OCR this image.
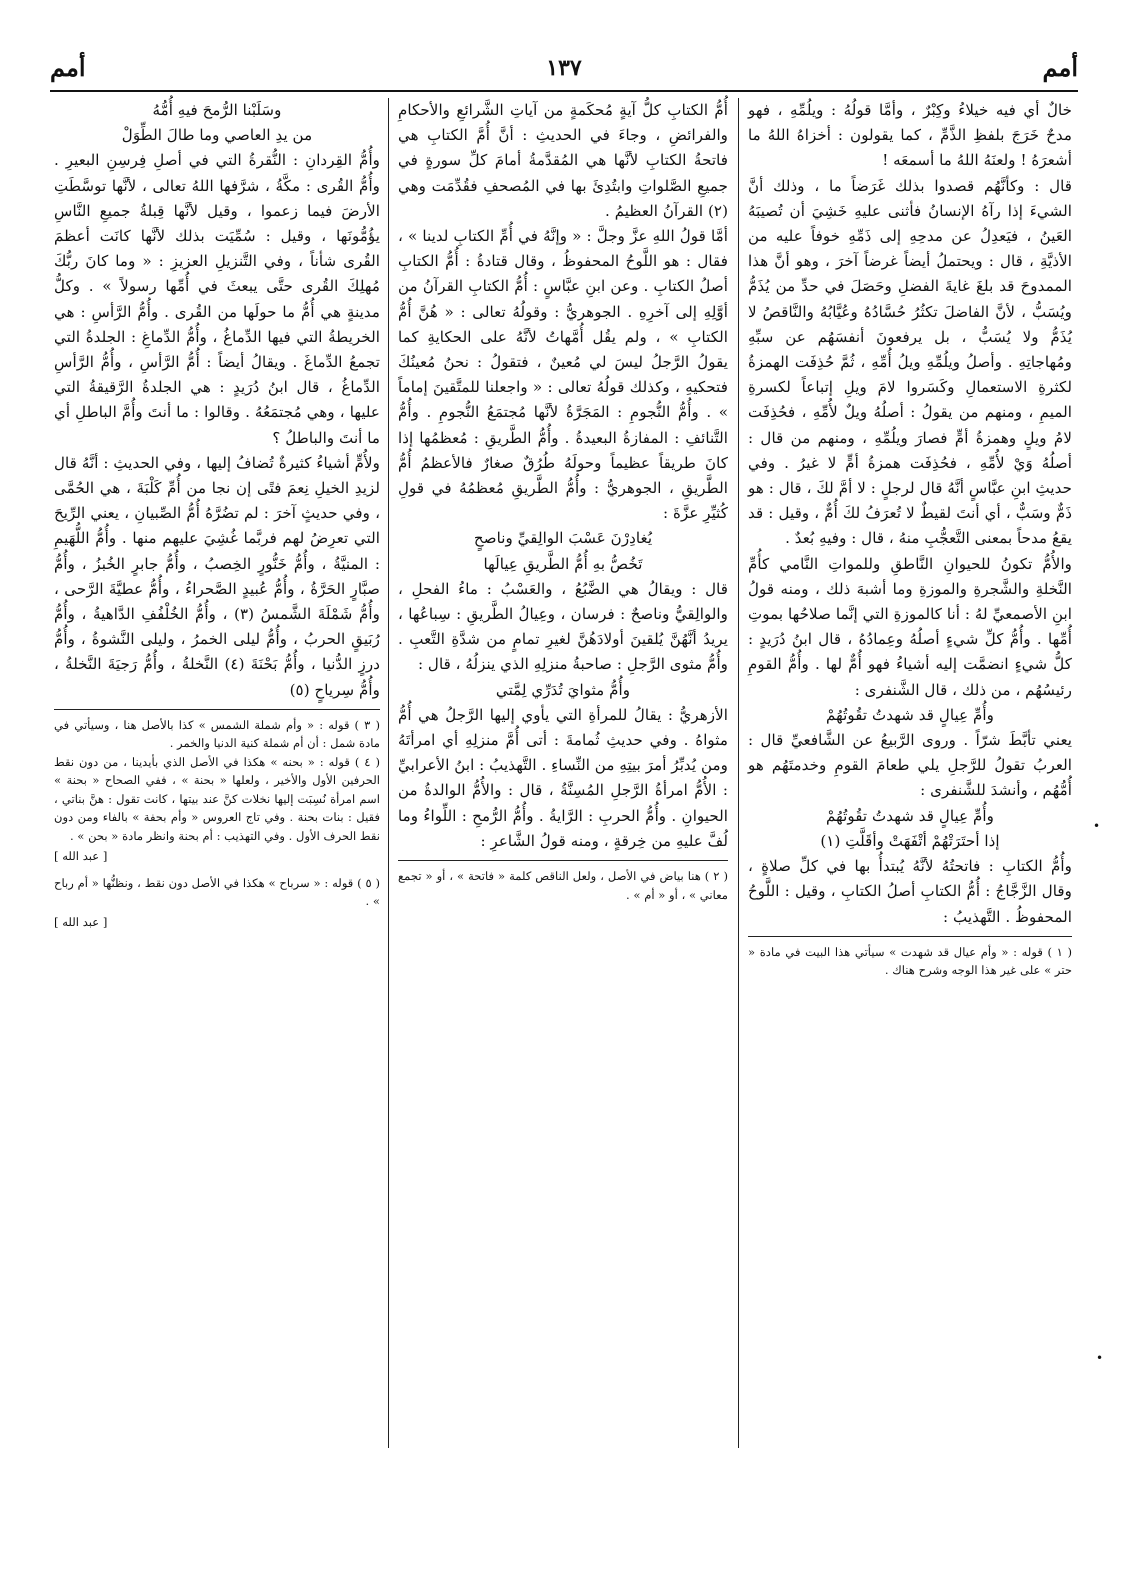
أمم
١٣٧
أمم

خالٌ أي فيه خيلاءُ وكِبْرٌ ، وأمَّا قولُهُ : ويلُمِّهِ ، فهو مدحٌ خَرَجَ بلفظِ الذَّمِّ ، كما يقولون : أخزاهُ اللهُ ما أشعرَهُ ! ولعنَهُ اللهُ ما أسمعَه !

قال : وكأنَّهُم قصدوا بذلك غَرَضاً ما ، وذلك أنَّ الشيءَ إذا رآهُ الإنسانُ فأثنى عليهِ خَشِيَ أن تُصيبَهُ العَينُ ، فيَعدِلُ عن مدحِهِ إلى ذَمِّهِ خوفاً عليه من الأذيَّةِ ، قال : ويحتملُ أيضاً غرضاً آخرَ ، وهو أنَّ هذا الممدوحَ قد بلغَ غايةَ الفضلِ وحَصَلَ في حدِّ من يُذَمُّ ويُسَبُّ ، لأنَّ الفاضلَ تكثُرُ حُسَّادُهُ وعُيَّابُهُ والنَّاقصُ لا يُذَمُّ ولا يُسَبُّ ، بل يرفعونَ أنفسَهُم عن سبِّهِ ومُهاجاتِهِ . وأصلُ ويلُمِّهِ ويلُ أُمِّهِ ، ثُمَّ حُذِفَت الهمزةُ لكثرةِ الاستعمالِ وكَسَروا لامَ ويلِ إتباعاً لكسرةِ الميمِ ، ومنهم من يقولُ : أصلُهُ ويلٌ لأُمِّهِ ، فحُذِفَت لامُ ويلٍ وهمزةُ أمٍّ فصارَ ويلُمِّهِ ، ومنهم من قال : أصلُهُ وَيْ لأُمِّهِ ، فحُذِفَت همزةُ أمٍّ لا غيرُ . وفي حديثِ ابنِ عبَّاسٍ أنَّهُ قال لرجلٍ : لا أمَّ لكَ ، قال : هو ذَمٌّ وسَبٌّ ، أي أنتَ لقيطٌ لا تُعرَفُ لكَ أُمٌّ ، وقيل : قد يقعُ مدحاً بمعنى التَّعجُّبِ منهُ ، قال : وفيهِ بُعدٌ .

والأُمُّ تكونُ للحيوانِ النَّاطقِ وللمواتِ النَّامي كأُمِّ النَّخلةِ والشَّجرةِ والموزةِ وما أشبهَ ذلك ، ومنه قولُ ابنِ الأصمعيِّ لهُ : أنا كالموزةِ التي إنَّما صلاحُها بموتِ أُمِّها . وأُمُّ كلِّ شيءٍ أصلُهُ وعِمادُهُ ، قال ابنُ دُرَيدٍ : كلُّ شيءٍ انضمَّت إليه أشياءُ فهو أُمٌّ لها . وأُمُّ القومِ رئيسُهُم ، من ذلك ، قال الشَّنفرى :

وأُمِّ عِيالٍ قد شهدتُ تقُوتُهُمْ

يعني تأبَّطَ شرّاً . وروى الرَّبيعُ عن الشَّافعيِّ قال : العربُ تقولُ للرَّجلِ يلي طعامَ القومِ وخدمتَهُم هو أُمُّهُم ، وأنشدَ للشَّنفرى :

وأُمِّ عِيالٍ قد شهدتُ تقُوتُهُمْ

إذا أحتَرَتْهُمْ أتْفَهَتْ وأقَلَّتِ (١)

وأُمُّ الكتابِ : فاتحتُهُ لأنَّهُ يُبتدأُ بها في كلِّ صلاةٍ ، وقال الزَّجَّاجُ : أُمُّ الكتابِ أصلُ الكتابِ ، وقيل : اللَّوحُ المحفوظُ . التَّهذيبُ :

( ١ ) قوله : « وأم عيال قد شهدت » سيأتي هذا البيت في مادة « حتر » على غير هذا الوجه وشرح هناك .

أُمُّ الكتابِ كلُّ آيةٍ مُحكَمةٍ من آياتِ الشَّرائعِ والأحكامِ والفرائضِ ، وجاءَ في الحديثِ : أنَّ أُمَّ الكتابِ هي فاتحةُ الكتابِ لأنَّها هي المُقدَّمةُ أمامَ كلِّ سورةٍ في جميعِ الصَّلواتِ وابتُدِئَ بها في المُصحفِ فقُدِّمَت وهي (٢) القرآنُ العظيمُ .

أمَّا قولُ اللهِ عزَّ وجلَّ : « وإنَّهُ في أُمِّ الكتابِ لدينا » ، فقال : هو اللَّوحُ المحفوظُ ، وقال قتادةُ : أُمُّ الكتابِ أصلُ الكتابِ . وعن ابنِ عبَّاسٍ : أُمُّ الكتابِ القرآنُ من أوَّلِهِ إلى آخرِهِ . الجوهريُّ : وقولُهُ تعالى : « هُنَّ أُمُّ الكتابِ » ، ولم يقُل أُمَّهاتُ لأنَّهُ على الحكايةِ كما يقولُ الرَّجلُ ليسَ لي مُعينٌ ، فتقولُ : نحنُ مُعينُكَ فتحكيهِ ، وكذلك قولُهُ تعالى : « واجعلنا للمتَّقينَ إماماً » . وأُمُّ النُّجومِ : المَجَرَّةُ لأنَّها مُجتمَعُ النُّجومِ . وأُمُّ التَّنائفِ : المفازةُ البعيدةُ . وأُمُّ الطَّريقِ : مُعظمُها إذا كانَ طريقاً عظيماً وحولَهُ طُرُقٌ صغارٌ فالأعظمُ أُمُّ الطَّريقِ ، الجوهريُّ : وأُمُّ الطَّريقِ مُعظمُهُ في قولِ كُثيِّرِ عزَّةَ :

يُغادِرْنَ عَسْبَ الوالِقيِّ وناصحٍ

تَخُصُّ بهِ أُمُّ الطَّريقِ عِيالَها

قال : ويقالُ هي الضَّبُعُ ، والعَسْبُ : ماءُ الفحلِ ، والوالِقيُّ وناصحٌ : فرسان ، وعِيالُ الطَّريقِ : سِباعُها ، يريدُ أنَّهُنَّ يُلقينَ أولادَهُنَّ لغيرِ تمامٍ من شدَّةِ التَّعبِ . وأُمُّ مثوى الرَّجلِ : صاحبةُ منزلِهِ الذي ينزلُهُ ، قال :

وأُمُّ مثوايَ تُدَرِّي لِمَّتي

الأزهريُّ : يقالُ للمرأةِ التي يأوي إليها الرَّجلُ هي أُمُّ مثواهُ . وفي حديثِ ثُمامةَ : أتى أُمَّ منزلِهِ أي امرأتَهُ ومن يُدبِّرُ أمرَ بيتِهِ من النِّساءِ . التَّهذيبُ : ابنُ الأعرابيِّ : الأُمُّ امرأةُ الرَّجلِ المُسِنَّةُ ، قال : والأُمُّ الوالدةُ من الحيوانِ . وأُمُّ الحربِ : الرَّايةُ . وأُمُّ الرُّمحِ : اللِّواءُ وما لُفَّ عليهِ من خِرقةٍ ، ومنه قولُ الشَّاعرِ :

( ٢ ) هنا بياض في الأصل ، ولعل الناقص كلمة « فاتحة » ، أو « تجمع معاني » ، أو « أم » .

وسَلَبْنا الرُّمحَ فيهِ أُمُّهُ

من يدِ العاصي وما طالَ الطِّوَلْ

وأُمُّ القِردانِ : النُّقرةُ التي في أصلِ فِرسِنِ البعيرِ . وأُمُّ القُرى : مكَّةُ ، شرَّفها اللهُ تعالى ، لأنَّها توسَّطَتِ الأرضَ فيما زعموا ، وقيل لأنَّها قِبلةُ جميعِ النَّاسِ يؤُمُّونَها ، وقيل : سُمِّيَت بذلك لأنَّها كانَت أعظمَ القُرى شأناً ، وفي التَّنزيلِ العزيزِ : « وما كانَ ربُّكَ مُهلِكَ القُرى حتَّى يبعثَ في أُمِّها رسولاً » . وكلُّ مدينةٍ هي أُمُّ ما حولَها من القُرى . وأُمُّ الرَّأسِ : هي الخريطةُ التي فيها الدِّماغُ ، وأُمُّ الدِّماغِ : الجلدةُ التي تجمعُ الدِّماغَ . ويقالُ أيضاً : أُمُّ الرَّأسِ ، وأُمُّ الرَّأسِ الدِّماغُ ، قال ابنُ دُرَيدٍ : هي الجلدةُ الرَّقيقةُ التي عليها ، وهي مُجتمَعُهُ . وقالوا : ما أنتَ وأُمَّ الباطلِ أي ما أنتَ والباطلُ ؟

ولأُمٍّ أشياءُ كثيرةٌ تُضافُ إليها ، وفي الحديثِ : أنَّهُ قال لزيدِ الخيلِ نِعمَ فتًى إن نجا من أُمِّ كَلْبَةَ ، هي الحُمَّى ، وفي حديثٍ آخرَ : لم تضُرَّهُ أُمُّ الصِّبيانِ ، يعني الرِّيحَ التي تعرِضُ لهم فربَّما غُشِيَ عليهم منها . وأُمُّ اللُّهَيمِ : المنيَّةُ ، وأُمُّ خَنُّورٍ الخِصبُ ، وأُمُّ جابرٍ الخُبزُ ، وأُمُّ صبَّارٍ الحَرَّةُ ، وأُمُّ عُبيدٍ الصَّحراءُ ، وأُمُّ عطيَّةَ الرَّحى ، وأُمُّ شَمْلَةَ الشَّمسُ (٣) ، وأُمُّ الخُلْفُفِ الدَّاهيةُ ، وأُمُّ رُبَيقٍ الحربُ ، وأُمُّ ليلى الخمرُ ، وليلى النَّشوةُ ، وأُمُّ درزٍ الدُّنيا ، وأُمُّ بَحْنَةَ (٤) النَّخلةُ ، وأُمُّ رَجيَةَ النَّخلةُ ، وأُمُّ سِرياحٍ (٥)

( ٣ ) قوله : « وأم شملة الشمس » كذا بالأصل هنا ، وسيأتي في مادة شمل : أن أم شملة كنية الدنيا والخمر .

( ٤ ) قوله : « بحنه » هكذا في الأصل الذي بأيدينا ، من دون نقط الحرفين الأول والأخير ، ولعلها « بحنة » ، ففي الصحاح « بحنة » اسم امرأة نُسِبَت إليها نخلات كنَّ عند بيتها ، كانت تقول : هنَّ بناتي ، فقيل : بنات بحنة . وفي تاج العروس « وأم بحفة » بالفاء ومن دون نقط الحرف الأول . وفي التهذيب : أم بحنة وانظر مادة « بحن » .

[ عبد الله ]

( ٥ ) قوله : « سرباح » هكذا في الأصل دون نقط ، ونظنُّها « أم رباح » .

[ عبد الله ]

•
•
